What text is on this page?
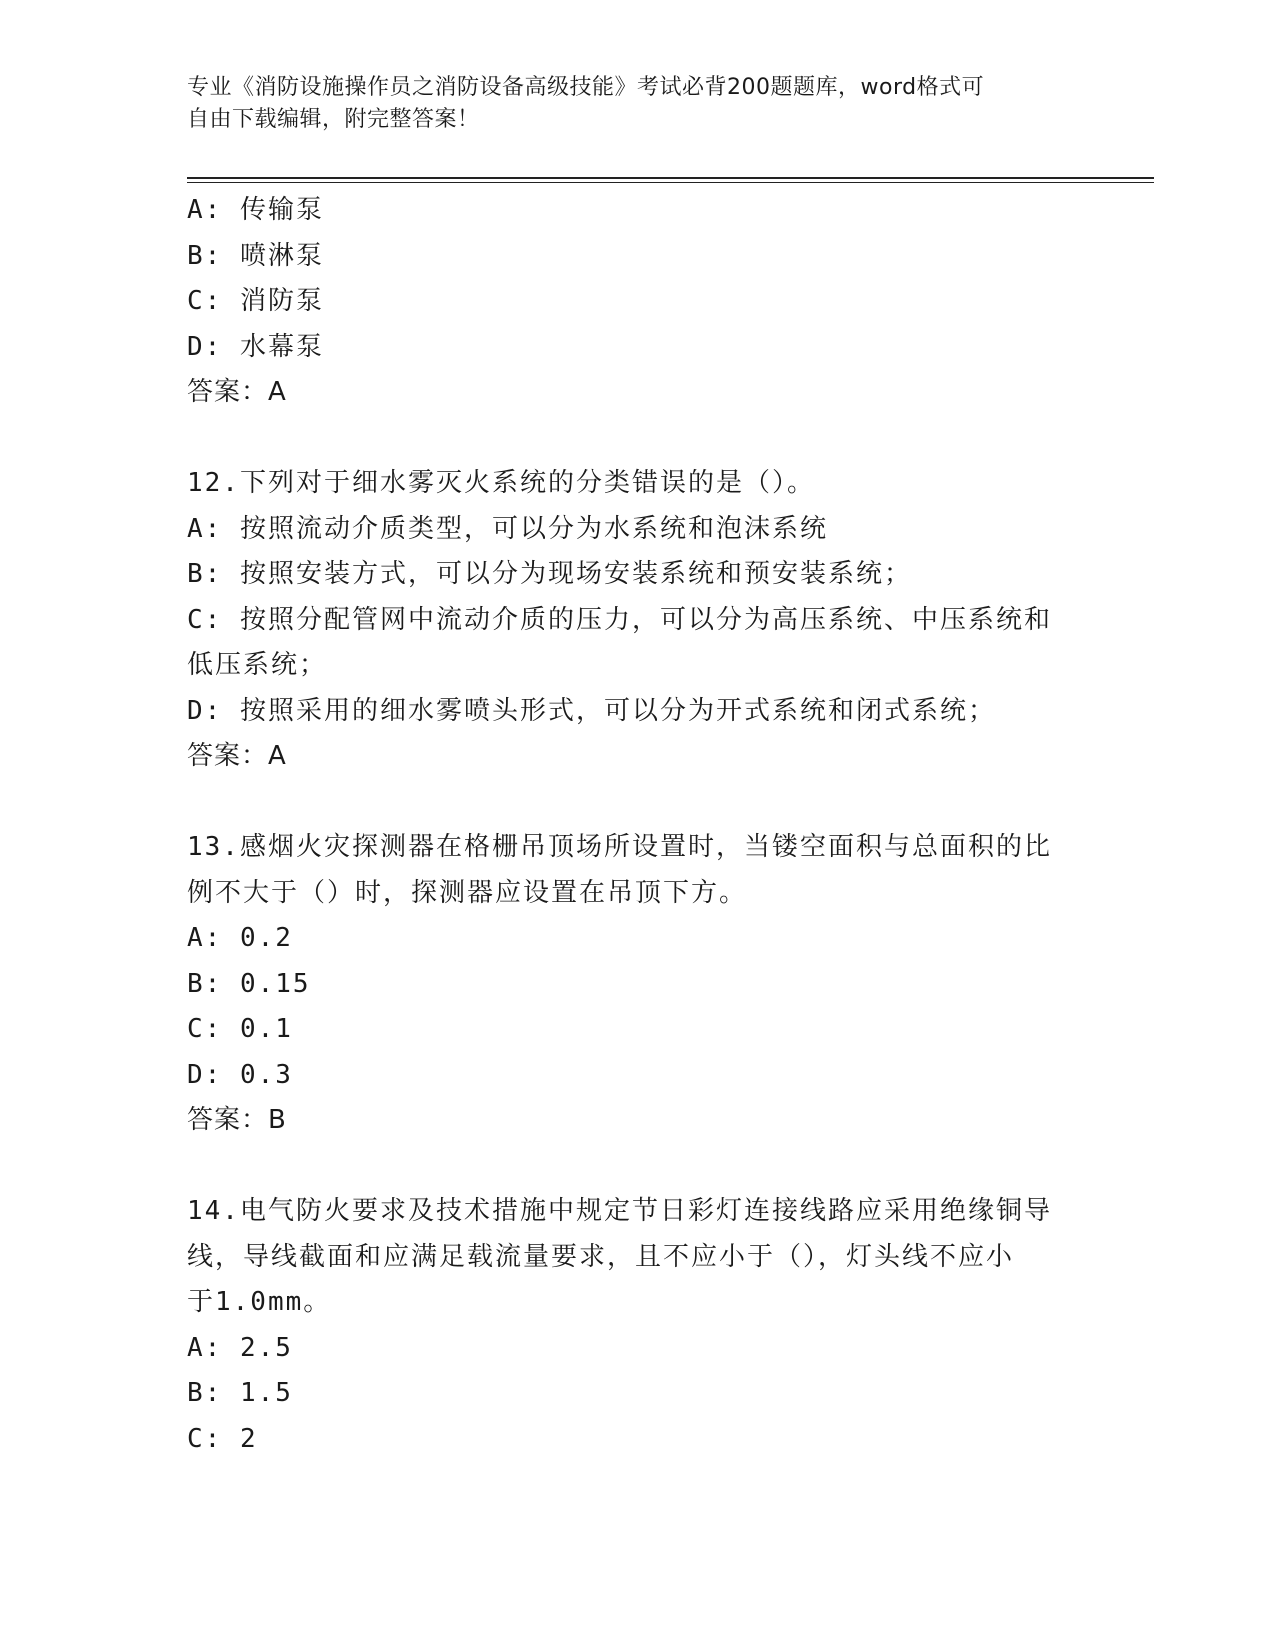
专业《消防设施操作员之消防设备高级技能》考试必背200题题库，word格式可
自由下载编辑，附完整答案！
A: 传输泵
B: 喷淋泵
C: 消防泵
D: 水幕泵
答案：A
12.下列对于细水雾灭火系统的分类错误的是（）。
A: 按照流动介质类型，可以分为水系统和泡沫系统
B: 按照安装方式，可以分为现场安装系统和预安装系统；
C: 按照分配管网中流动介质的压力，可以分为高压系统、中压系统和
低压系统；
D: 按照采用的细水雾喷头形式，可以分为开式系统和闭式系统；
答案：A
13.感烟火灾探测器在格栅吊顶场所设置时，当镂空面积与总面积的比
例不大于（）时，探测器应设置在吊顶下方。
A: 0.2
B: 0.15
C: 0.1
D: 0.3
答案：B
14.电气防火要求及技术措施中规定节日彩灯连接线路应采用绝缘铜导
线，导线截面和应满足载流量要求，且不应小于（），灯头线不应小
于1.0mm。
A: 2.5
B: 1.5
C: 2
